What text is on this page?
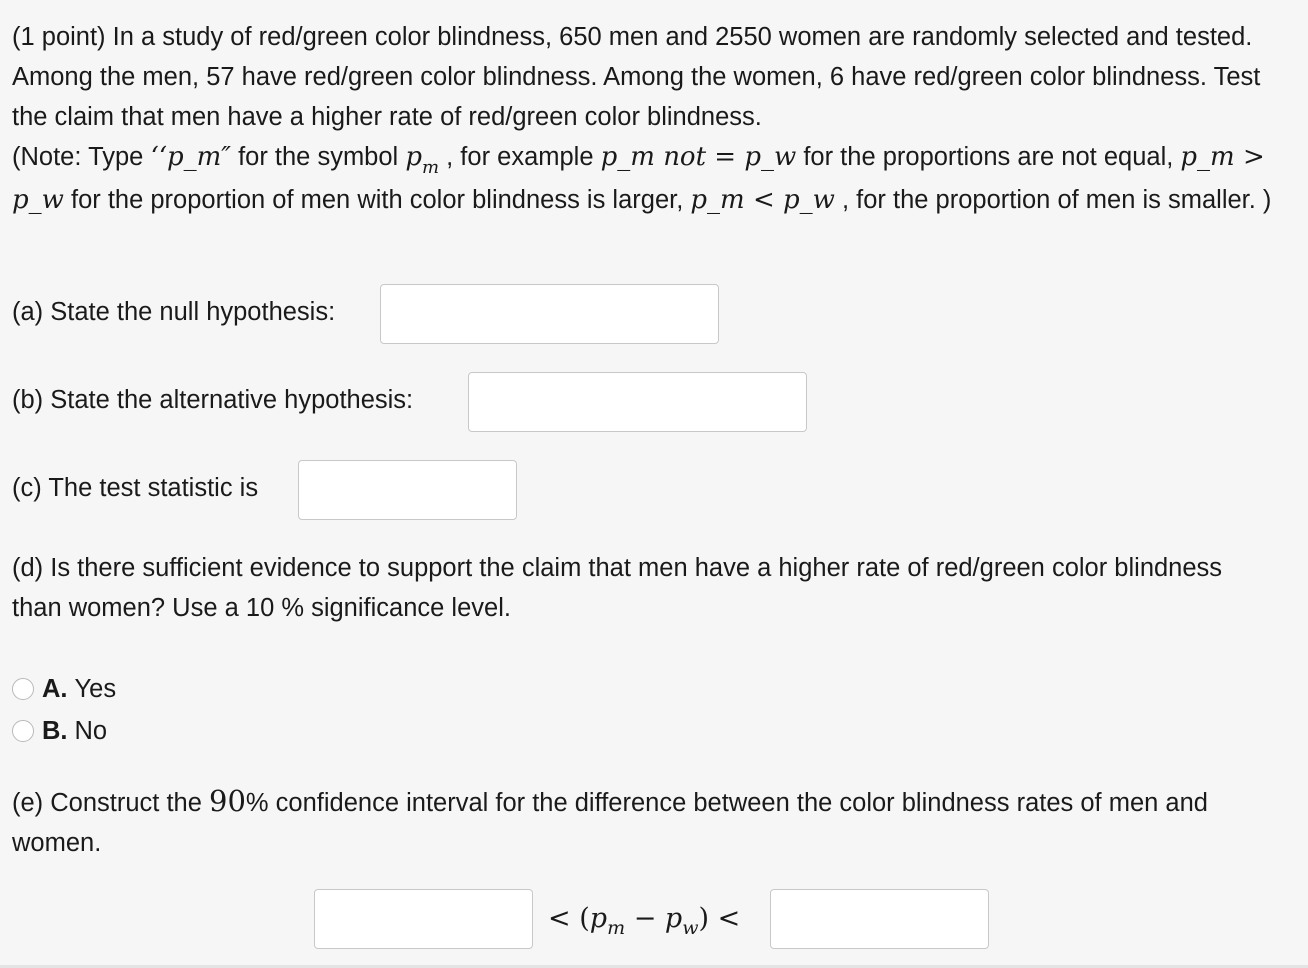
(1 point) In a study of red/green color blindness, 650 men and 2550 women are randomly selected and tested. Among the men, 57 have red/green color blindness. Among the women, 6 have red/green color blindness. Test the claim that men have a higher rate of red/green color blindness.
(Note: Type ‘‘p_m″ for the symbol $p_m$ , for example p_m not = p_w for the proportions are not equal, p_m > p_w for the proportion of men with color blindness is larger, p_m < p_w , for the proportion of men is smaller. )
(a) State the null hypothesis:
(b) State the alternative hypothesis:
(c) The test statistic is
(d) Is there sufficient evidence to support the claim that men have a higher rate of red/green color blindness than women? Use a 10 % significance level.
A. Yes
B. No
(e) Construct the 90% confidence interval for the difference between the color blindness rates of men and women.
< $(p_m - p_w)$ <
